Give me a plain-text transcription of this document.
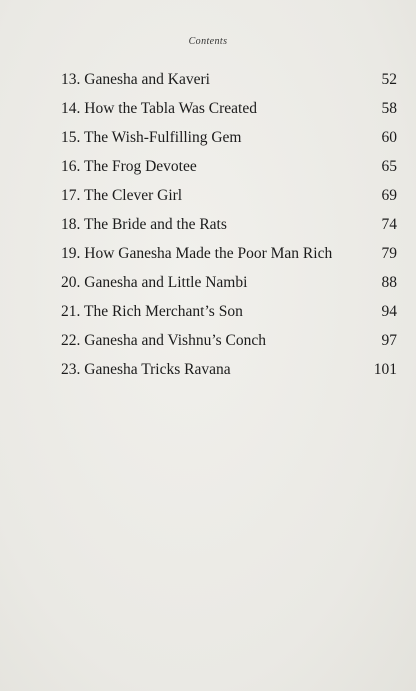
Contents
13. Ganesha and Kaveri	52
14. How the Tabla Was Created	58
15. The Wish-Fulfilling Gem	60
16. The Frog Devotee	65
17. The Clever Girl	69
18. The Bride and the Rats	74
19. How Ganesha Made the Poor Man Rich	79
20. Ganesha and Little Nambi	88
21. The Rich Merchant’s Son	94
22. Ganesha and Vishnu’s Conch	97
23. Ganesha Tricks Ravana	101
